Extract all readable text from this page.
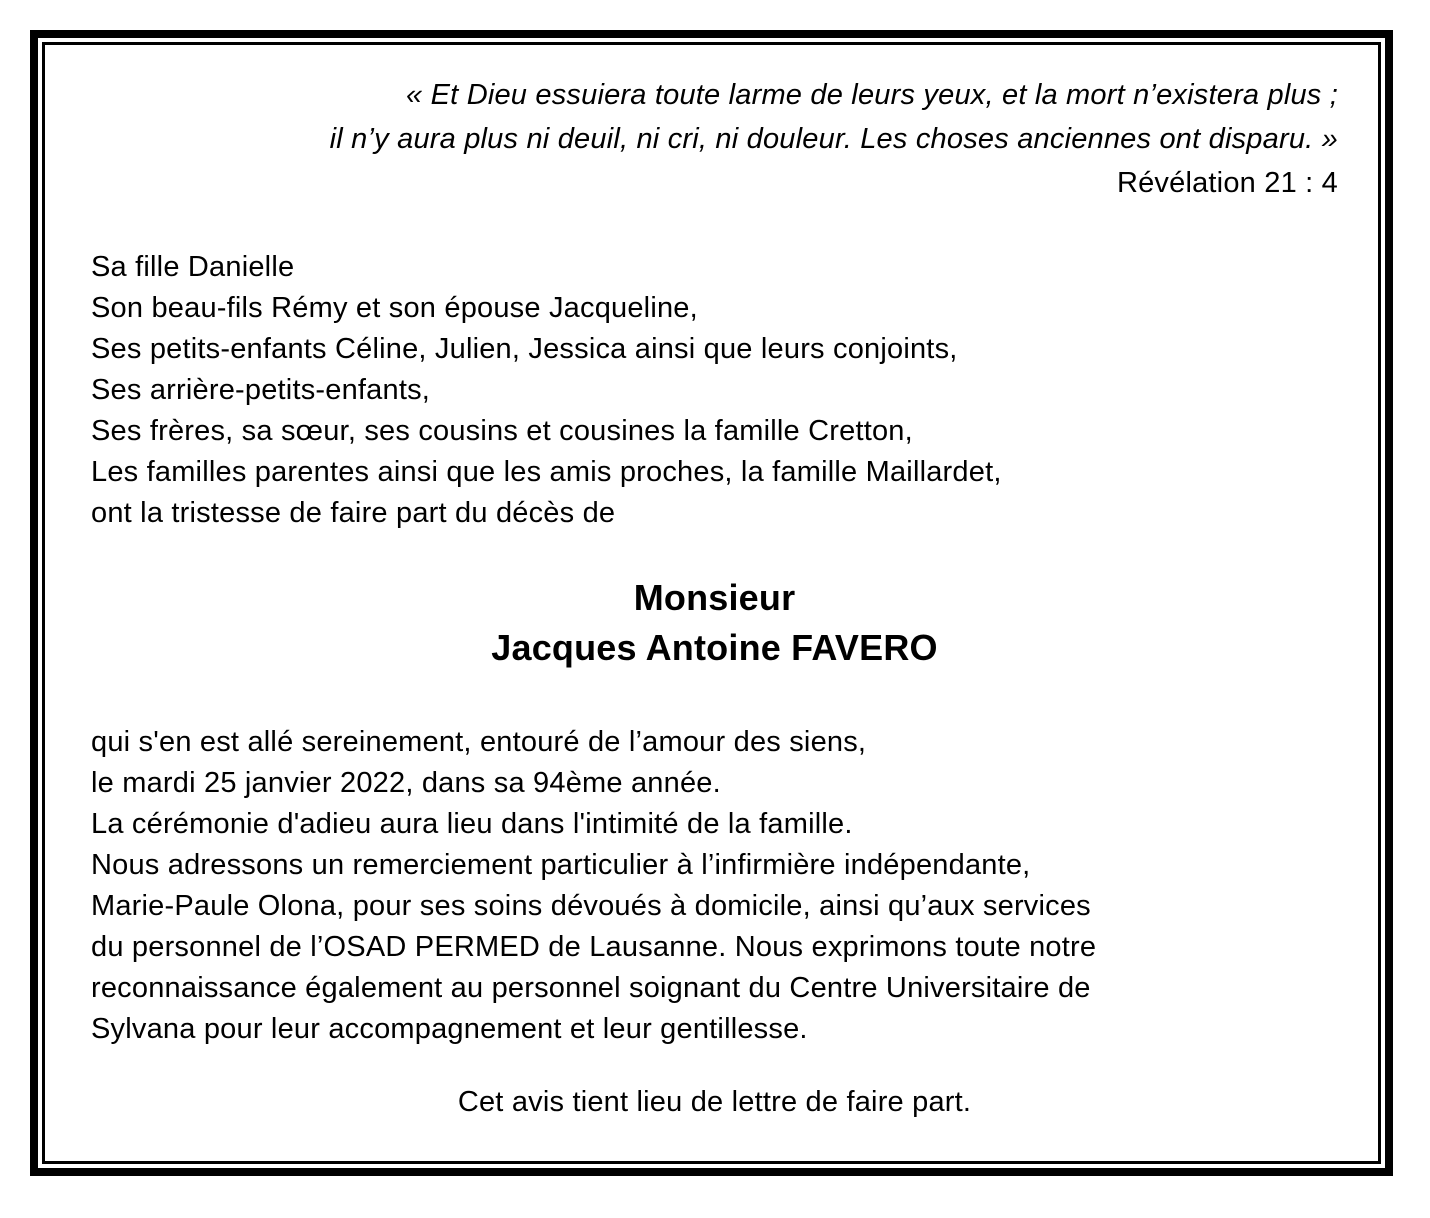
« Et Dieu essuiera toute larme de leurs yeux, et la mort n’existera plus ;
il n’y aura plus ni deuil, ni cri, ni douleur. Les choses anciennes ont disparu. »
Révélation 21 : 4
Sa fille Danielle
Son beau-fils Rémy et son épouse Jacqueline,
Ses petits-enfants Céline, Julien, Jessica ainsi que leurs conjoints,
Ses arrière-petits-enfants,
Ses frères, sa sœur, ses cousins et cousines la famille Cretton,
Les familles parentes ainsi que les amis proches, la famille Maillardet,
ont la tristesse de faire part du décès de
Monsieur
Jacques Antoine FAVERO
qui s'en est allé sereinement, entouré de l’amour des siens,
le mardi 25 janvier 2022, dans sa 94ème année.
La cérémonie d'adieu aura lieu dans l'intimité de la famille.
Nous adressons un remerciement particulier à l’infirmière indépendante,
Marie-Paule Olona, pour ses soins dévoués à domicile, ainsi qu’aux services
du personnel de l’OSAD PERMED de Lausanne. Nous exprimons toute notre
reconnaissance également au personnel soignant du Centre Universitaire de
Sylvana pour leur accompagnement et leur gentillesse.
Cet avis tient lieu de lettre de faire part.
